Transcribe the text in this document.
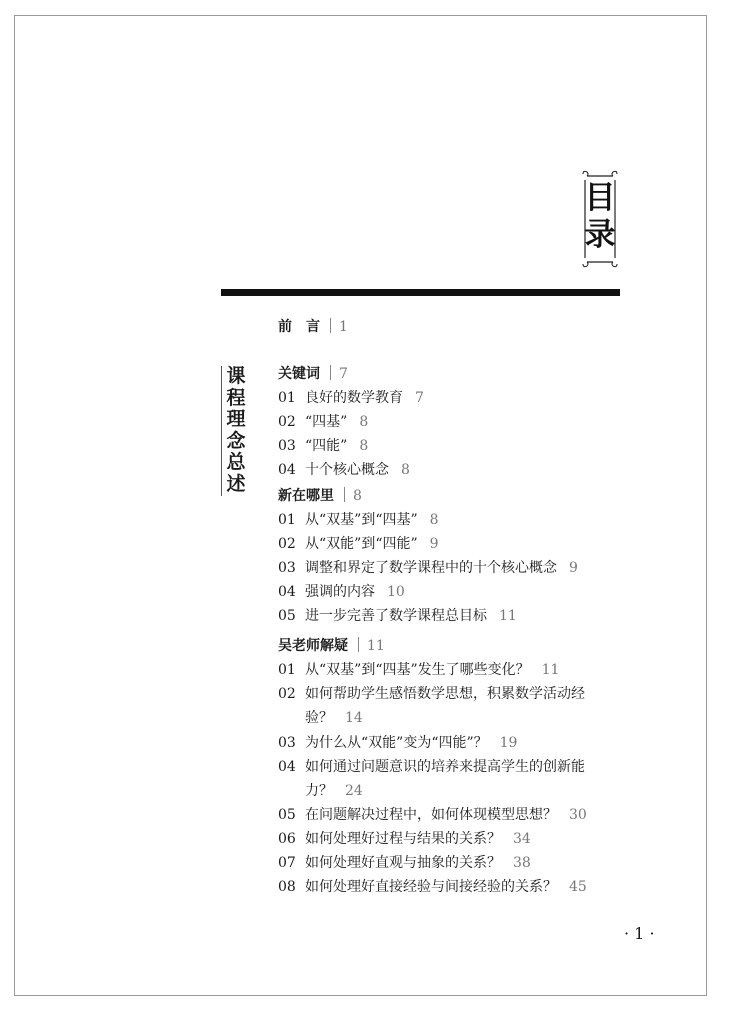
目
录
课
程
理
念
总
述
前　言 1
关键词 7
01 良好的数学教育 7
02 “四基” 8
03 “四能” 8
04 十个核心概念 8
新在哪里 8
01 从“双基”到“四基” 8
02 从“双能”到“四能” 9
03 调整和界定了数学课程中的十个核心概念 9
04 强调的内容 10
05 进一步完善了数学课程总目标 11
吴老师解疑 11
01 从“双基”到“四基”发生了哪些变化？ 11
02 如何帮助学生感悟数学思想，积累数学活动经
验？ 14
03 为什么从“双能”变为“四能”？ 19
04 如何通过问题意识的培养来提高学生的创新能
力？ 24
05 在问题解决过程中，如何体现模型思想？ 30
06 如何处理好过程与结果的关系？ 34
07 如何处理好直观与抽象的关系？ 38
08 如何处理好直接经验与间接经验的关系？ 45
· 1 ·
